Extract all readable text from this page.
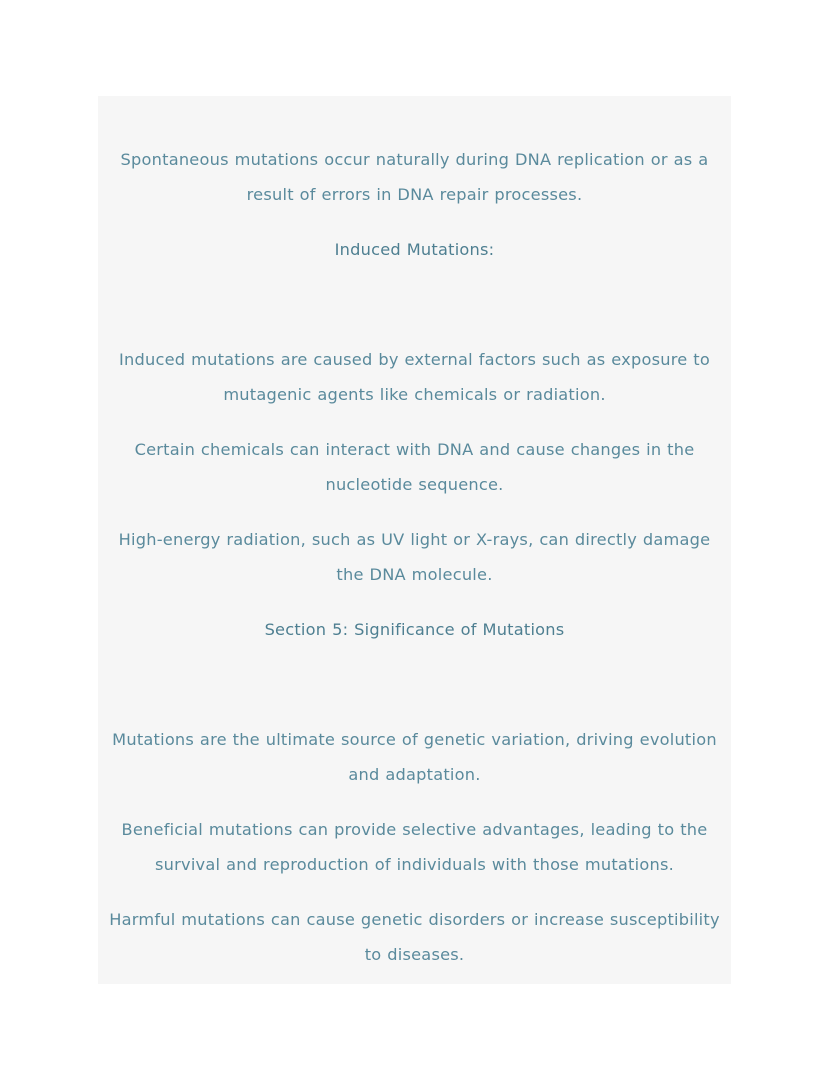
Spontaneous mutations occur naturally during DNA replication or as a result of errors in DNA repair processes.

Induced Mutations:

Induced mutations are caused by external factors such as exposure to mutagenic agents like chemicals or radiation.

Certain chemicals can interact with DNA and cause changes in the nucleotide sequence.

High-energy radiation, such as UV light or X-rays, can directly damage the DNA molecule.

Section 5: Significance of Mutations

Mutations are the ultimate source of genetic variation, driving evolution and adaptation.

Beneficial mutations can provide selective advantages, leading to the survival and reproduction of individuals with those mutations.

Harmful mutations can cause genetic disorders or increase susceptibility to diseases.
